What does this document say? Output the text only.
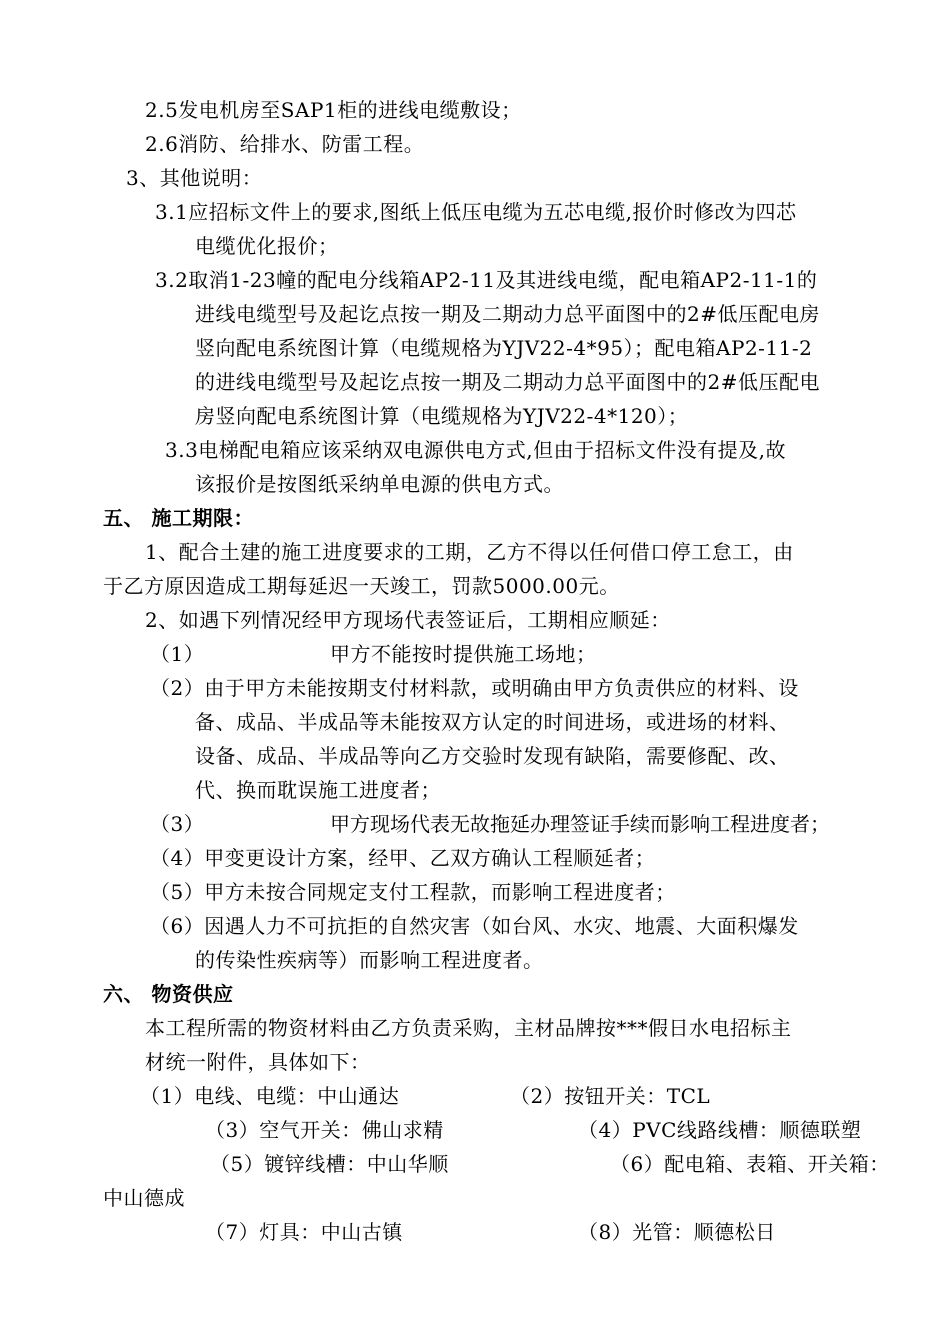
2.5发电机房至SAP1柜的进线电缆敷设；
2.6消防、给排水、防雷工程。
3、其他说明：
3.1应招标文件上的要求,图纸上低压电缆为五芯电缆,报价时修改为四芯
电缆优化报价；
3.2取消1-23幢的配电分线箱AP2-11及其进线电缆，配电箱AP2-11-1的
进线电缆型号及起讫点按一期及二期动力总平面图中的2#低压配电房
竖向配电系统图计算（电缆规格为YJV22-4*95）；配电箱AP2-11-2
的进线电缆型号及起讫点按一期及二期动力总平面图中的2#低压配电
房竖向配电系统图计算（电缆规格为YJV22-4*120）；
3.3电梯配电箱应该采纳双电源供电方式,但由于招标文件没有提及,故
该报价是按图纸采纳单电源的供电方式。
五、 施工期限：
1、配合土建的施工进度要求的工期，乙方不得以任何借口停工怠工，由
于乙方原因造成工期每延迟一天竣工，罚款5000.00元。
2、如遇下列情况经甲方现场代表签证后，工期相应顺延：
（1）	甲方不能按时提供施工场地；
（2）由于甲方未能按期支付材料款，或明确由甲方负责供应的材料、设
备、成品、半成品等未能按双方认定的时间进场，或进场的材料、
设备、成品、半成品等向乙方交验时发现有缺陷，需要修配、改、
代、换而耽误施工进度者；
（3）	甲方现场代表无故拖延办理签证手续而影响工程进度者；
（4）甲变更设计方案，经甲、乙双方确认工程顺延者；
（5）甲方未按合同规定支付工程款，而影响工程进度者；
（6）因遇人力不可抗拒的自然灾害（如台风、水灾、地震、大面积爆发
的传染性疾病等）而影响工程进度者。
六、 物资供应
本工程所需的物资材料由乙方负责采购，主材品牌按***假日水电招标主
材统一附件，具体如下：
（1）电线、电缆：中山通达	（2）按钮开关：TCL
（3）空气开关：佛山求精	（4）PVC线路线槽：顺德联塑
（5）镀锌线槽：中山华顺	（6）配电箱、表箱、开关箱：
中山德成
（7）灯具：中山古镇	（8）光管：顺德松日
